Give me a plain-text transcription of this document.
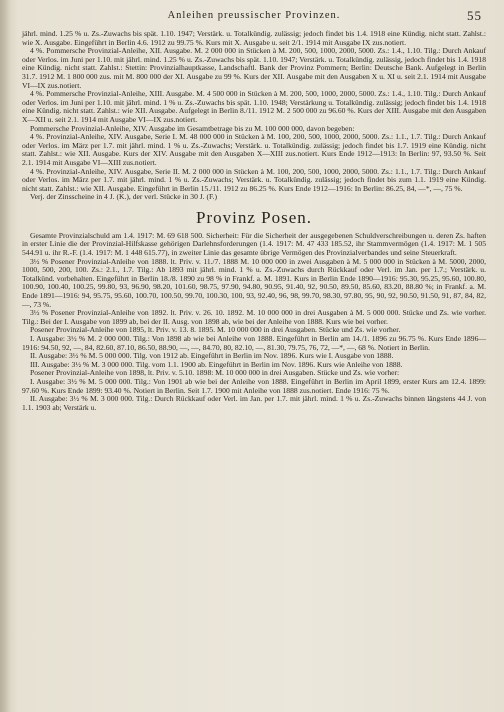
Anleihen preussischer Provinzen.	55

jährl. mind. 1.25 % u. Zs.-Zuwachs bis spät. 1.10. 1947; Verstärk. u. Totalkündig. zulässig; jedoch findet bis 1.4. 1918 eine Kündig. nicht statt. Zahlst.: wie X. Ausgabe. Eingeführt in Berlin 4.6. 1912 zu 99.75 %. Kurs mit X. Ausgabe u. seit 2/1. 1914 mit Ausgabe IX zus.notiert.

4 %. Pommersche Provinzial-Anleihe, XII. Ausgabe. M. 2 000 000 in Stücken à M. 200, 500, 1000, 2000, 5000. Zs.: 1.4., 1.10. Tilg.: Durch Ankauf oder Verlos. im Juni per 1.10. mit jährl. mind. 1.25 % u. Zs.-Zuwachs bis spät. 1.10. 1947; Verstärk. u. Totalkündig. zulässig, jedoch findet bis 1.4. 1918 eine Kündig. nicht statt. Zahlst.: Stettin: Provinzialhauptkasse, Landschaftl. Bank der Provinz Pommern; Berlin: Deutsche Bank. Aufgelegt in Berlin 31.7. 1912 M. 1 800 000 zus. mit M. 800 000 der XI. Ausgabe zu 99 %. Kurs der XII. Ausgabe mit den Ausgaben X u. XI u. seit 2.1. 1914 mit Ausgabe VI—IX zus.notiert.

4 %. Pommersche Provinzial-Anleihe, XIII. Ausgabe. M. 4 500 000 in Stücken à M. 200, 500, 1000, 2000, 5000. Zs.: 1.4., 1.10. Tilg.: Durch Ankauf oder Verlos. im Juni per 1.10. mit jährl. mind. 1 % u. Zs.-Zuwachs bis spät. 1.10. 1948; Verstärkung u. Totalkündig. zulässig; jedoch findet bis 1.4. 1918 eine Kündig. nicht statt. Zahlst.: wie XII. Ausgabe. Aufgelegt in Berlin 8./11. 1912 M. 2 500 000 zu 96.60 %. Kurs der XIII. Ausgabe mit den Ausgaben X—XII u. seit 2.1. 1914 mit Ausgabe VI—IX zus.notiert.

Pommersche Provinzial-Anleihe, XIV. Ausgabe im Gesamtbetrage bis zu M. 100 000 000, davon begeben:

4 %. Provinzial-Anleihe, XIV. Ausgabe, Serie I. M. 48 000 000 in Stücken à M. 100, 200, 500, 1000, 2000, 5000. Zs.: 1.1., 1.7. Tilg.: Durch Ankauf oder Verlos. im März per 1.7. mit jährl. mind. 1 % u. Zs.-Zuwachs; Verstärk. u. Totalkündig. zulässig; jedoch findet bis 1.7. 1919 eine Kündig. nicht statt. Zahlst.: wie XII. Ausgabe. Kurs der XIV. Ausgabe mit den Ausgaben X—XIII zus.notiert. Kurs Ende 1912—1913: In Berlin: 97, 93.50 %. Seit 2.1. 1914 mit Ausgabe VI—XIII zus.notiert.

4 %. Provinzial-Anleihe, XIV. Ausgabe, Serie II. M. 2 000 000 in Stücken à M. 100, 200, 500, 1000, 2000, 5000. Zs.: 1.1., 1.7. Tilg.: Durch Ankauf oder Verlos. im März per 1.7. mit jährl. mind. 1 % u. Zs.-Zuwachs; Verstärk. u. Totalkündig. zulässig; jedoch findet bis zum 1.1. 1919 eine Kündig. nicht statt. Zahlst.: wie XII. Ausgabe. Eingeführt in Berlin 15./11. 1912 zu 86.25 %. Kurs Ende 1912—1916: In Berlin: 86.25, 84, —*, —, 75 %.

Verj. der Zinsscheine in 4 J. (K.), der verl. Stücke in 30 J. (F.)

Provinz Posen.

Gesamte Provinzialschuld am 1.4. 1917: M. 69 618 500. Sicherheit: Für die Sicherheit der ausgegebenen Schuldverschreibungen u. deren Zs. haften in erster Linie die der Provinzial-Hilfskasse gehörigen Darlehnsforderungen (1.4. 1917: M. 47 433 185.52, ihr Stammvermögen (1.4. 1917: M. 1 505 544.91 u. ihr R.-F. (1.4. 1917: M. 1 448 615.77), in zweiter Linie das gesamte übrige Vermögen des Provinzialverbandes und seine Steuerkraft.

3½ % Posener Provinzial-Anleihe von 1888. lt. Priv. v. 11./7. 1888 M. 10 000 000 in zwei Ausgaben à M. 5 000 000 in Stücken à M. 5000, 2000, 1000, 500, 200, 100. Zs.: 2.1., 1.7. Tilg.: Ab 1893 mit jährl. mind. 1 % u. Zs.-Zuwachs durch Rückkauf oder Verl. im Jan. per 1.7.; Verstärk. u. Totalkünd. vorbehalten. Eingeführt in Berlin 18./8. 1890 zu 98 % in Frankf. a. M. 1891. Kurs in Berlin Ende 1890—1916: 95.30, 95.25, 95.60, 100.80, 100.90, 100.40, 100.25, 99.80, 93, 96.90, 98.20, 101.60, 98.75, 97.90, 94.80, 90.95, 91.40, 92, 90.50, 89.50, 85.60, 83.20, 88.80 %; in Frankf. a. M. Ende 1891—1916: 94, 95.75, 95.60, 100.70, 100.50, 99.70, 100.30, 100, 93, 92.40, 96, 98, 99.70, 98.30, 97.80, 95, 90, 92, 90.50, 91.50, 91, 87, 84, 82, —, 73 %.

3½ % Posener Provinzial-Anleihe von 1892. lt. Priv. v. 26. 10. 1892. M. 10 000 000 in drei Ausgaben à M. 5 000 000. Stücke und Zs. wie vorher. Tilg.: Bei der I. Ausgabe von 1899 ab, bei der II. Ausg. von 1898 ab, wie bei der Anleihe von 1888. Kurs wie bei vorher.

Posener Provinzial-Anleihe von 1895, lt. Priv. v. 13. 8. 1895. M. 10 000 000 in drei Ausgaben. Stücke und Zs. wie vorher.

I. Ausgabe: 3½ % M. 2 000 000. Tilg.: Von 1898 ab wie bei Anleihe von 1888. Eingeführt in Berlin am 14./1. 1896 zu 96.75 %. Kurs Ende 1896—1916: 94.50, 92, —, 84, 82.60, 87.10, 86.50, 88.90, —, —, 84.70, 80, 82.10, —, 81.30, 79.75, 76, 72, —*, —, 68 %. Notiert in Berlin.

II. Ausgabe: 3½ % M. 5 000 000. Tilg. von 1912 ab. Eingeführt in Berlin im Nov. 1896. Kurs wie I. Ausgabe von 1888.

III. Ausgabe: 3½ % M. 3 000 000. Tilg. vom 1.1. 1900 ab. Eingeführt in Berlin im Nov. 1896. Kurs wie Anleihe von 1888.

Posener Provinzial-Anleihe von 1898, lt. Priv. v. 5.10. 1898: M. 10 000 000 in drei Ausgaben. Stücke und Zs. wie vorher:

I. Ausgabe: 3½ % M. 5 000 000. Tilg.: Von 1901 ab wie bei der Anleihe von 1888. Eingeführt in Berlin im April 1899, erster Kurs am 12.4. 1899: 97.60 %. Kurs Ende 1899: 93.40 %. Notiert in Berlin. Seit 1.7. 1900 mit Anleihe von 1888 zus.notiert. Ende 1916: 75 %.

II. Ausgabe: 3½ % M. 3 000 000. Tilg.: Durch Rückkauf oder Verl. im Jan. per 1.7. mit jährl. mind. 1 % u. Zs.-Zuwachs binnen längstens 44 J. von 1.1. 1903 ab; Verstärk u.
